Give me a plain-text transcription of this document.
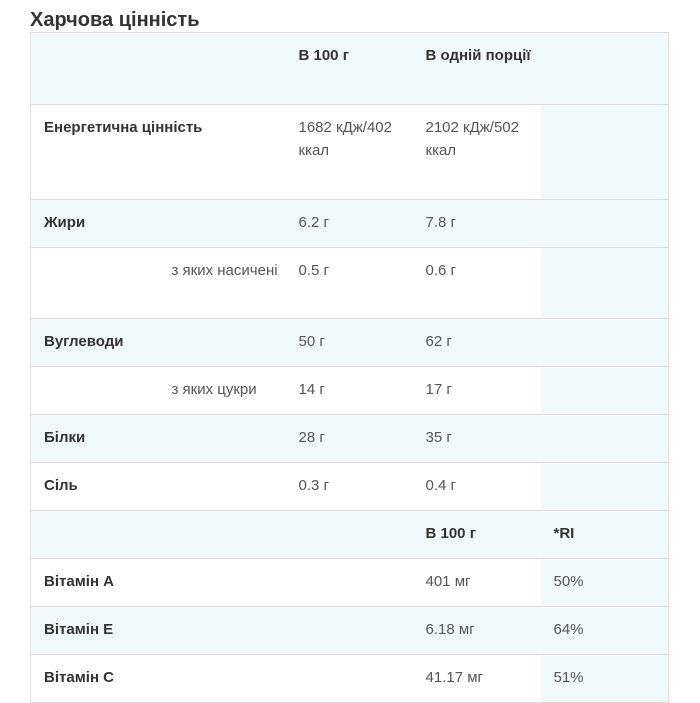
Харчова цінність
		В 100 г	В одній порції	
Енергетична цінність		1682 кДж/402 ккал	2102 кДж/502 ккал	
Жири		6.2 г	7.8 г	
	з яких насичені	0.5 г	0.6 г	
Вуглеводи		50 г	62 г	
	з яких цукри	14 г	17 г	
Білки		28 г	35 г	
Сіль		0.3 г	0.4 г	
			В 100 г	*RI
Вітамін А			401 мг	50%
Вітамін Е			6.18 мг	64%
Вітамін С			41.17 мг	51%
